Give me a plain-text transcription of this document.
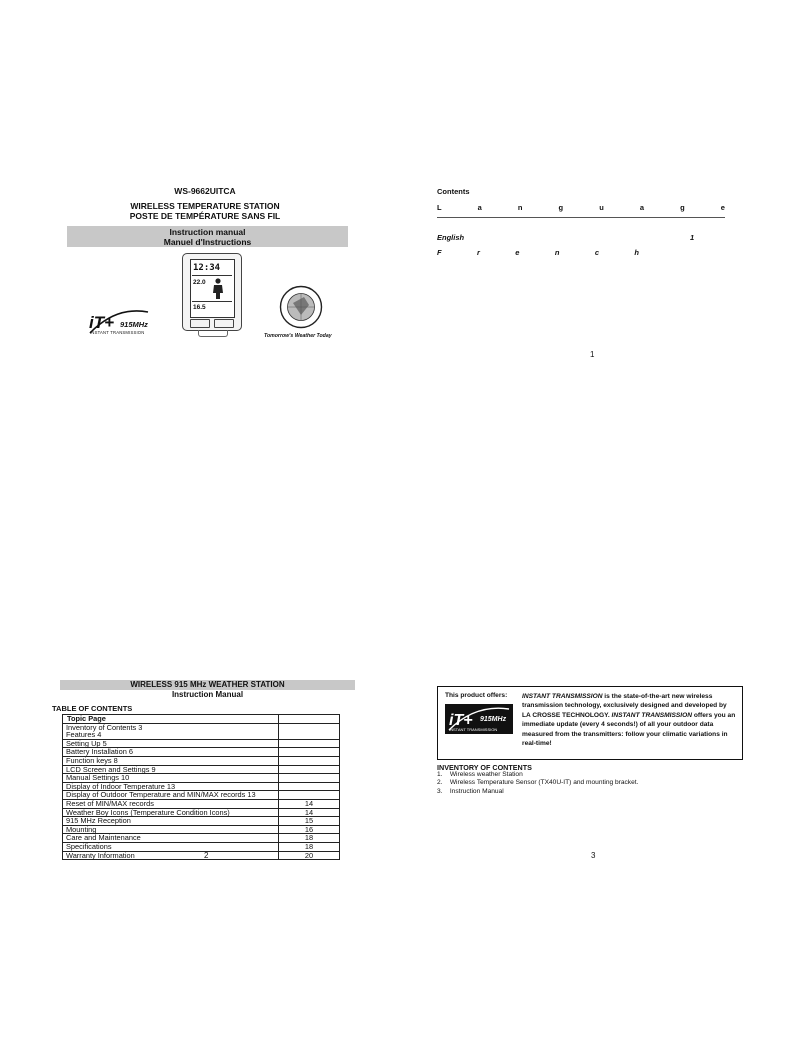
WS-9662UITCA
WIRELESS TEMPERATURE STATION
POSTE DE TEMPÉRATURE SANS FIL
Instruction manual
Manuel d'Instructions
iT+ 915MHz
INSTANT TRANSMISSION
12:34
22.0
16.5
Tomorrow's Weather Today
Contents
L	a	n	g	u	a	g	e
English	1
F	r	e	n	c	h
1
WIRELESS 915 MHz WEATHER STATION
Instruction Manual
TABLE OF CONTENTS
Topic Page	
Inventory of Contents 3	
Features 4	
Setting Up 5	
Battery Installation 6	
Function keys 8	
LCD Screen and Settings 9	
Manual Settings 10	
Display of Indoor Temperature 13	
Display of Outdoor Temperature and MIN/MAX records 13	
Reset of MIN/MAX records	14
Weather Boy Icons (Temperature Condition Icons)	14
915 MHz Reception	15
Mounting	16
Care and Maintenance	18
Specifications	18
Warranty Information	20
2
This product offers:
iT+ 915MHz
INSTANT TRANSMISSION
INSTANT TRANSMISSION is the state-of-the-art new wireless transmission technology, exclusively designed and developed by LA CROSSE TECHNOLOGY. INSTANT TRANSMISSION offers you an immediate update (every 4 seconds!) of all your outdoor data measured from the transmitters: follow your climatic variations in real-time!
INVENTORY OF CONTENTS
1.    Wireless weather Station
2.    Wireless Temperature Sensor (TX40U-IT) and mounting bracket.
3.    Instruction Manual
3
